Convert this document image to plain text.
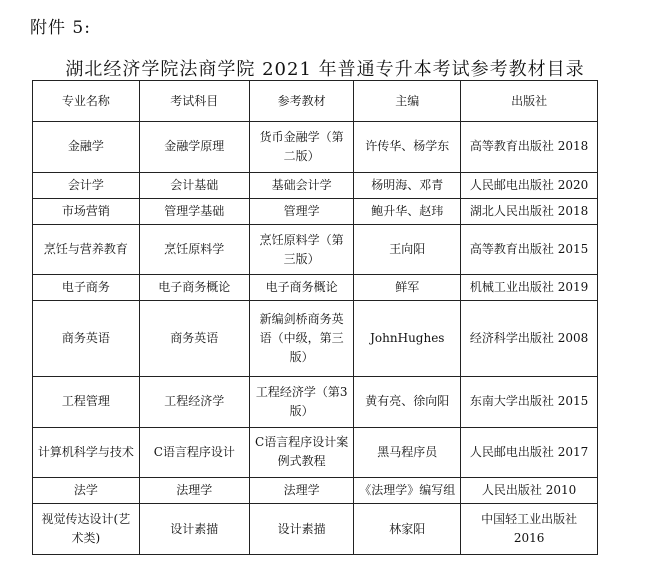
附件 5:
湖北经济学院法商学院 2021 年普通专升本考试参考教材目录
专业名称	考试科目	参考教材	主编	出版社
金融学	金融学原理	货币金融学（第二版）	许传华、杨学东	高等教育出版社 2018
会计学	会计基础	基础会计学	杨明海、邓青	人民邮电出版社 2020
市场营销	管理学基础	管理学	鲍升华、赵玮	湖北人民出版社 2018
烹饪与营养教育	烹饪原料学	烹饪原料学（第三版）	王向阳	高等教育出版社 2015
电子商务	电子商务概论	电子商务概论	鲜军	机械工业出版社 2019
商务英语	商务英语	新编剑桥商务英语（中级，第三版）	JohnHughes	经济科学出版社 2008
工程管理	工程经济学	工程经济学（第3版）	黄有亮、徐向阳	东南大学出版社 2015
计算机科学与技术	C语言程序设计	C语言程序设计案例式教程	黑马程序员	人民邮电出版社 2017
法学	法理学	法理学	《法理学》编写组	人民出版社 2010
视觉传达设计(艺术类)	设计素描	设计素描	林家阳	中国轻工业出版社 2016
